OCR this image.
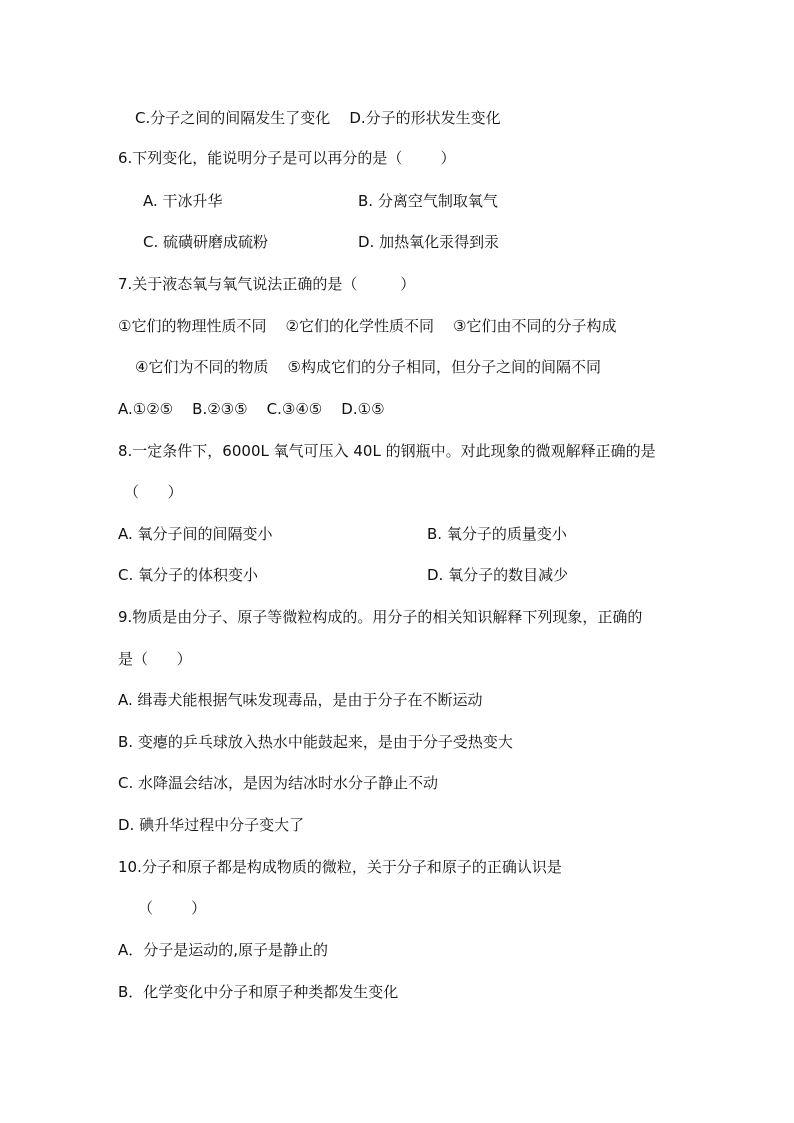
C.分子之间的间隔发生了变化    D.分子的形状发生变化
6.下列变化，能说明分子是可以再分的是（        ）
A. 干冰升华	B. 分离空气制取氧气
C. 硫磺研磨成硫粉	D. 加热氧化汞得到汞
7.关于液态氧与氧气说法正确的是（         ）
①它们的物理性质不同    ②它们的化学性质不同    ③它们由不同的分子构成
④它们为不同的物质    ⑤构成它们的分子相同，但分子之间的间隔不同
A.①②⑤    B.②③⑤    C.③④⑤    D.①⑤
8.一定条件下，6000L 氧气可压入 40L 的钢瓶中。对此现象的微观解释正确的是
（      ）
A. 氧分子间的间隔变小	B. 氧分子的质量变小
C. 氧分子的体积变小	D. 氧分子的数目减少
9.物质是由分子、原子等微粒构成的。用分子的相关知识解释下列现象，正确的
是（      ）
A. 缉毒犬能根据气味发现毒品，是由于分子在不断运动
B. 变瘪的乒乓球放入热水中能鼓起来，是由于分子受热变大
C. 水降温会结冰，是因为结冰时水分子静止不动
D. 碘升华过程中分子变大了
10.分子和原子都是构成物质的微粒，关于分子和原子的正确认识是
（        ）
A．分子是运动的,原子是静止的
B．化学变化中分子和原子种类都发生变化
